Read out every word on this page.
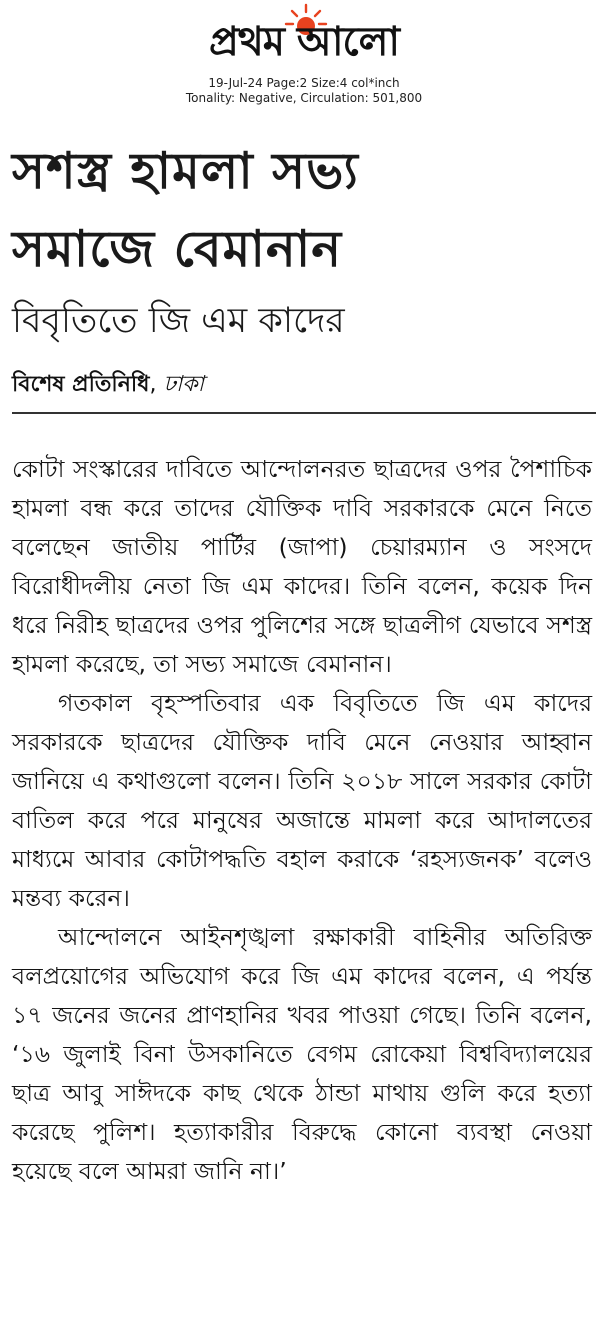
প্রথম আলো
19-Jul-24 Page:2 Size:4 col*inch
Tonality: Negative, Circulation: 501,800
সশস্ত্র হামলা সভ্য
সমাজে বেমানান
বিবৃতিতে জি এম কাদের
বিশেষ প্রতিনিধি, ঢাকা

কোটা সংস্কারের দাবিতে আন্দোলনরত ছাত্রদের ওপর পৈশাচিক হামলা বন্ধ করে তাদের যৌক্তিক দাবি সরকারকে মেনে নিতে বলেছেন জাতীয় পার্টির (জাপা) চেয়ারম্যান ও সংসদে বিরোধীদলীয় নেতা জি এম কাদের। তিনি বলেন, কয়েক দিন ধরে নিরীহ ছাত্রদের ওপর পুলিশের সঙ্গে ছাত্রলীগ যেভাবে সশস্ত্র হামলা করেছে, তা সভ্য সমাজে বেমানান।

গতকাল বৃহস্পতিবার এক বিবৃতিতে জি এম কাদের সরকারকে ছাত্রদের যৌক্তিক দাবি মেনে নেওয়ার আহ্বান জানিয়ে এ কথাগুলো বলেন। তিনি ২০১৮ সালে সরকার কোটা বাতিল করে পরে মানুষের অজান্তে মামলা করে আদালতের মাধ্যমে আবার কোটাপদ্ধতি বহাল করাকে ‘রহস্যজনক’ বলেও মন্তব্য করেন।

আন্দোলনে আইনশৃঙ্খলা রক্ষাকারী বাহিনীর অতিরিক্ত বলপ্রয়োগের অভিযোগ করে জি এম কাদের বলেন, এ পর্যন্ত ১৭ জনের জনের প্রাণহানির খবর পাওয়া গেছে। তিনি বলেন, ‘১৬ জুলাই বিনা উসকানিতে বেগম রোকেয়া বিশ্ববিদ্যালয়ের ছাত্র আবু সাঈদকে কাছ থেকে ঠান্ডা মাথায় গুলি করে হত্যা করেছে পুলিশ। হত্যাকারীর বিরুদ্ধে কোনো ব্যবস্থা নেওয়া হয়েছে বলে আমরা জানি না।’
